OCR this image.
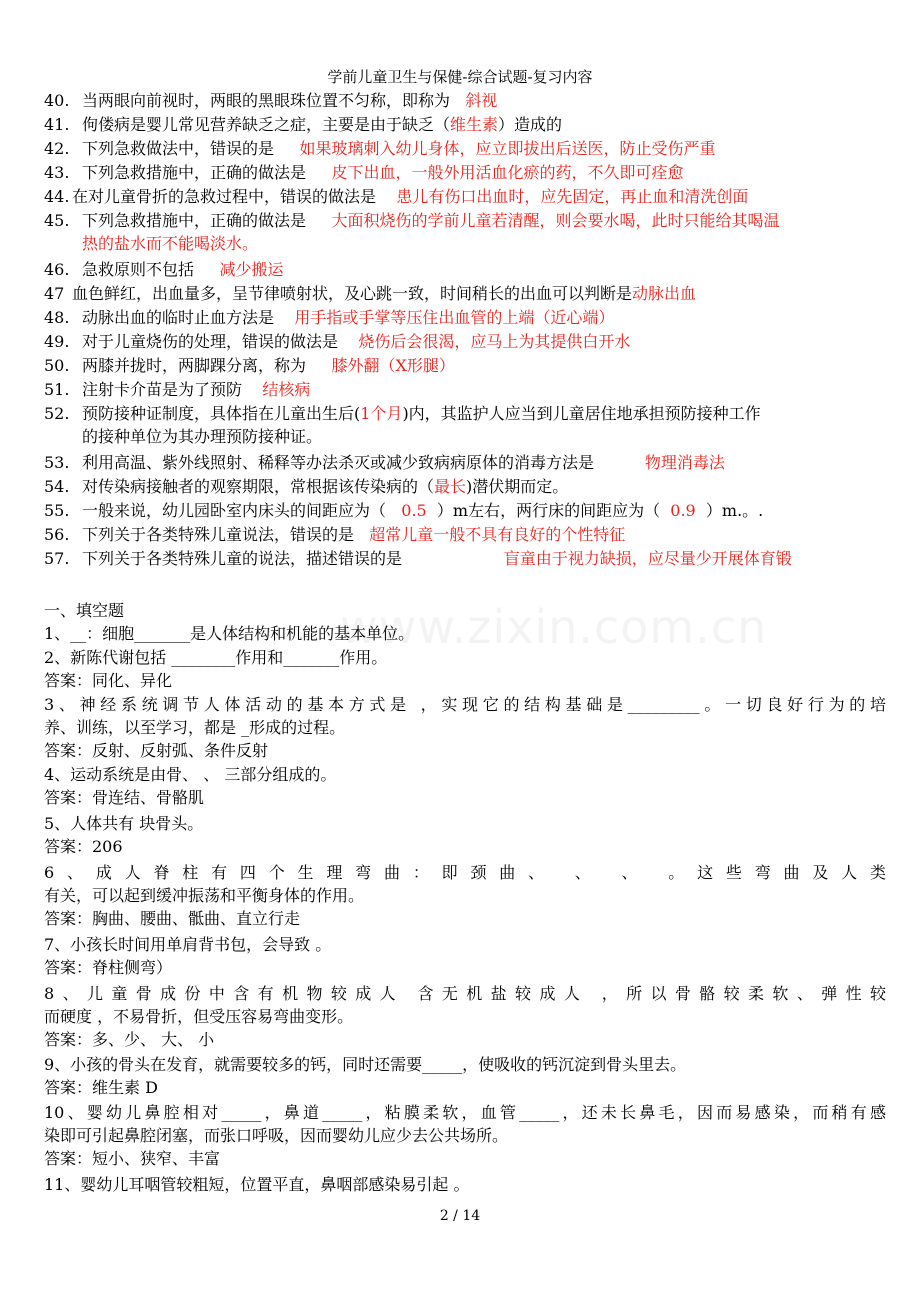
学前儿童卫生与保健-综合试题-复习内容
40. 当两眼向前视时，两眼的黑眼珠位置不匀称，即称为 斜视
41. 佝偻病是婴儿常见营养缺乏之症，主要是由于缺乏（维生素）造成的
42. 下列急救做法中，错误的是 如果玻璃刺入幼儿身体，应立即拔出后送医，防止受伤严重
43. 下列急救措施中，正确的做法是 皮下出血，一般外用活血化瘀的药，不久即可痊愈
44. 在对儿童骨折的急救过程中，错误的做法是 患儿有伤口出血时，应先固定，再止血和清洗创面
45. 下列急救措施中，正确的做法是 大面积烧伤的学前儿童若清醒，则会要水喝，此时只能给其喝温
热的盐水而不能喝淡水。
46. 急救原则不包括 减少搬运
47 血色鲜红，出血量多，呈节律喷射状，及心跳一致，时间稍长的出血可以判断是动脉出血
48. 动脉出血的临时止血方法是 用手指或手掌等压住出血管的上端（近心端）
49. 对于儿童烧伤的处理，错误的做法是 烧伤后会很渴，应马上为其提供白开水
50. 两膝并拢时，两脚踝分离，称为 膝外翻（X形腿）
51. 注射卡介苗是为了预防 结核病
52. 预防接种证制度，具体指在儿童出生后(1个月)内，其监护人应当到儿童居住地承担预防接种工作
的接种单位为其办理预防接种证。
53. 利用高温、紫外线照射、稀释等办法杀灭或减少致病病原体的消毒方法是	物理消毒法
54. 对传染病接触者的观察期限，常根据该传染病的（最长)潜伏期而定。
55. 一般来说，幼儿园卧室内床头的间距应为（ 0.5 ）m左右，两行床的间距应为（ 0.9 ）m.。.
56. 下列关于各类特殊儿童说法，错误的是 超常儿童一般不具有良好的个性特征
57. 下列关于各类特殊儿童的说法，描述错误的是	盲童由于视力缺损，应尽量少开展体育锻
一、填空题
1、__：细胞_______是人体结构和机能的基本单位。
2、新陈代谢包括 ________作用和_______作用。
答案：同化、异化
3、神经系统调节人体活动的基本方式是 ，实现它的结构基础是_________。一切良好行为的培
养、训练，以至学习，都是 _形成的过程。
答案：反射、反射弧、条件反射
4、运动系统是由骨、 、 三部分组成的。
答案：骨连结、骨骼肌
5、人体共有 块骨头。
答案：206
6、成人脊柱有四个生理弯曲：即颈曲、 、 、 。这些弯曲及人类
有关，可以起到缓冲振荡和平衡身体的作用。
答案：胸曲、腰曲、骶曲、直立行走
7、小孩长时间用单肩背书包，会导致 。
答案：脊柱侧弯）
8、儿童骨成份中含有机物较成人 含无机盐较成人 ，所以骨骼较柔软、弹性较
而硬度 ，不易骨折，但受压容易弯曲变形。
答案：多、少、 大、 小
9、小孩的骨头在发育，就需要较多的钙，同时还需要_____，使吸收的钙沉淀到骨头里去。
答案：维生素 D
10、婴幼儿鼻腔相对_____，鼻道_____，粘膜柔软，血管_____，还未长鼻毛，因而易感染，而稍有感
染即可引起鼻腔闭塞，而张口呼吸，因而婴幼儿应少去公共场所。
答案：短小、狭窄、丰富
11、婴幼儿耳咽管较粗短，位置平直，鼻咽部感染易引起 。
2 / 14
